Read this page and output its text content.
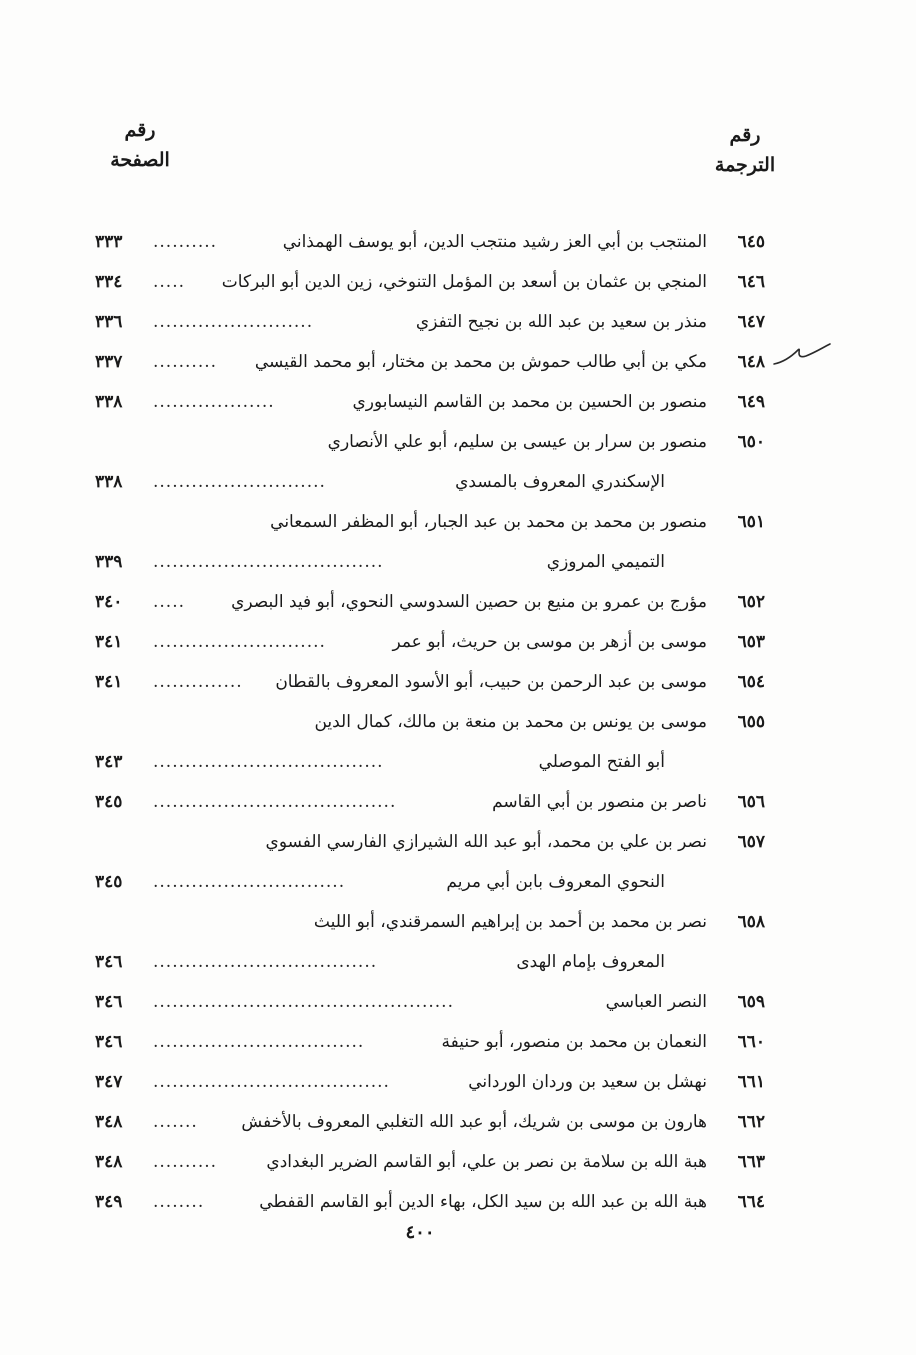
رقم
الترجمة
رقم
الصفحة
٦٤٥
المنتجب بن أبي العز رشيد منتجب الدين، أبو يوسف الهمذاني
..........
٣٣٣
٦٤٦
المنجي بن عثمان بن أسعد بن المؤمل التنوخي، زين الدين أبو البركات
.....
٣٣٤
٦٤٧
منذر بن سعيد بن عبد الله بن نجيح التفزي
.........................
٣٣٦
٦٤٨
مكي بن أبي طالب حموش بن محمد بن مختار، أبو محمد القيسي
..........
٣٣٧
٦٤٩
منصور بن الحسين بن محمد بن القاسم النيسابوري
...................
٣٣٨
٦٥٠
منصور بن سرار بن عيسى بن سليم، أبو علي الأنصاري
الإسكندري المعروف بالمسدي
...........................
٣٣٨
٦٥١
منصور بن محمد بن محمد بن عبد الجبار، أبو المظفر السمعاني
التميمي المروزي
....................................
٣٣٩
٦٥٢
مؤرج بن عمرو بن منيع بن حصين السدوسي النحوي، أبو فيد البصري
.....
٣٤٠
٦٥٣
موسى بن أزهر بن موسى بن حريث، أبو عمر
...........................
٣٤١
٦٥٤
موسى بن عبد الرحمن بن حبيب، أبو الأسود المعروف بالقطان
..............
٣٤١
٦٥٥
موسى بن يونس بن محمد بن منعة بن مالك، كمال الدين
أبو الفتح الموصلي
....................................
٣٤٣
٦٥٦
ناصر بن منصور بن أبي القاسم
......................................
٣٤٥
٦٥٧
نصر بن علي بن محمد، أبو عبد الله الشيرازي الفارسي الفسوي
النحوي المعروف بابن أبي مريم
..............................
٣٤٥
٦٥٨
نصر بن محمد بن أحمد بن إبراهيم السمرقندي، أبو الليث
المعروف بإمام الهدى
...................................
٣٤٦
٦٥٩
النصر العباسي
...............................................
٣٤٦
٦٦٠
النعمان بن محمد بن منصور، أبو حنيفة
.................................
٣٤٦
٦٦١
نهشل بن سعيد بن وردان الورداني
.....................................
٣٤٧
٦٦٢
هارون بن موسى بن شريك، أبو عبد الله التغلبي المعروف بالأخفش
.......
٣٤٨
٦٦٣
هبة الله بن سلامة بن نصر بن علي، أبو القاسم الضرير البغدادي
..........
٣٤٨
٦٦٤
هبة الله بن عبد الله بن سيد الكل، بهاء الدين أبو القاسم القفطي
........
٣٤٩
٤٠٠
